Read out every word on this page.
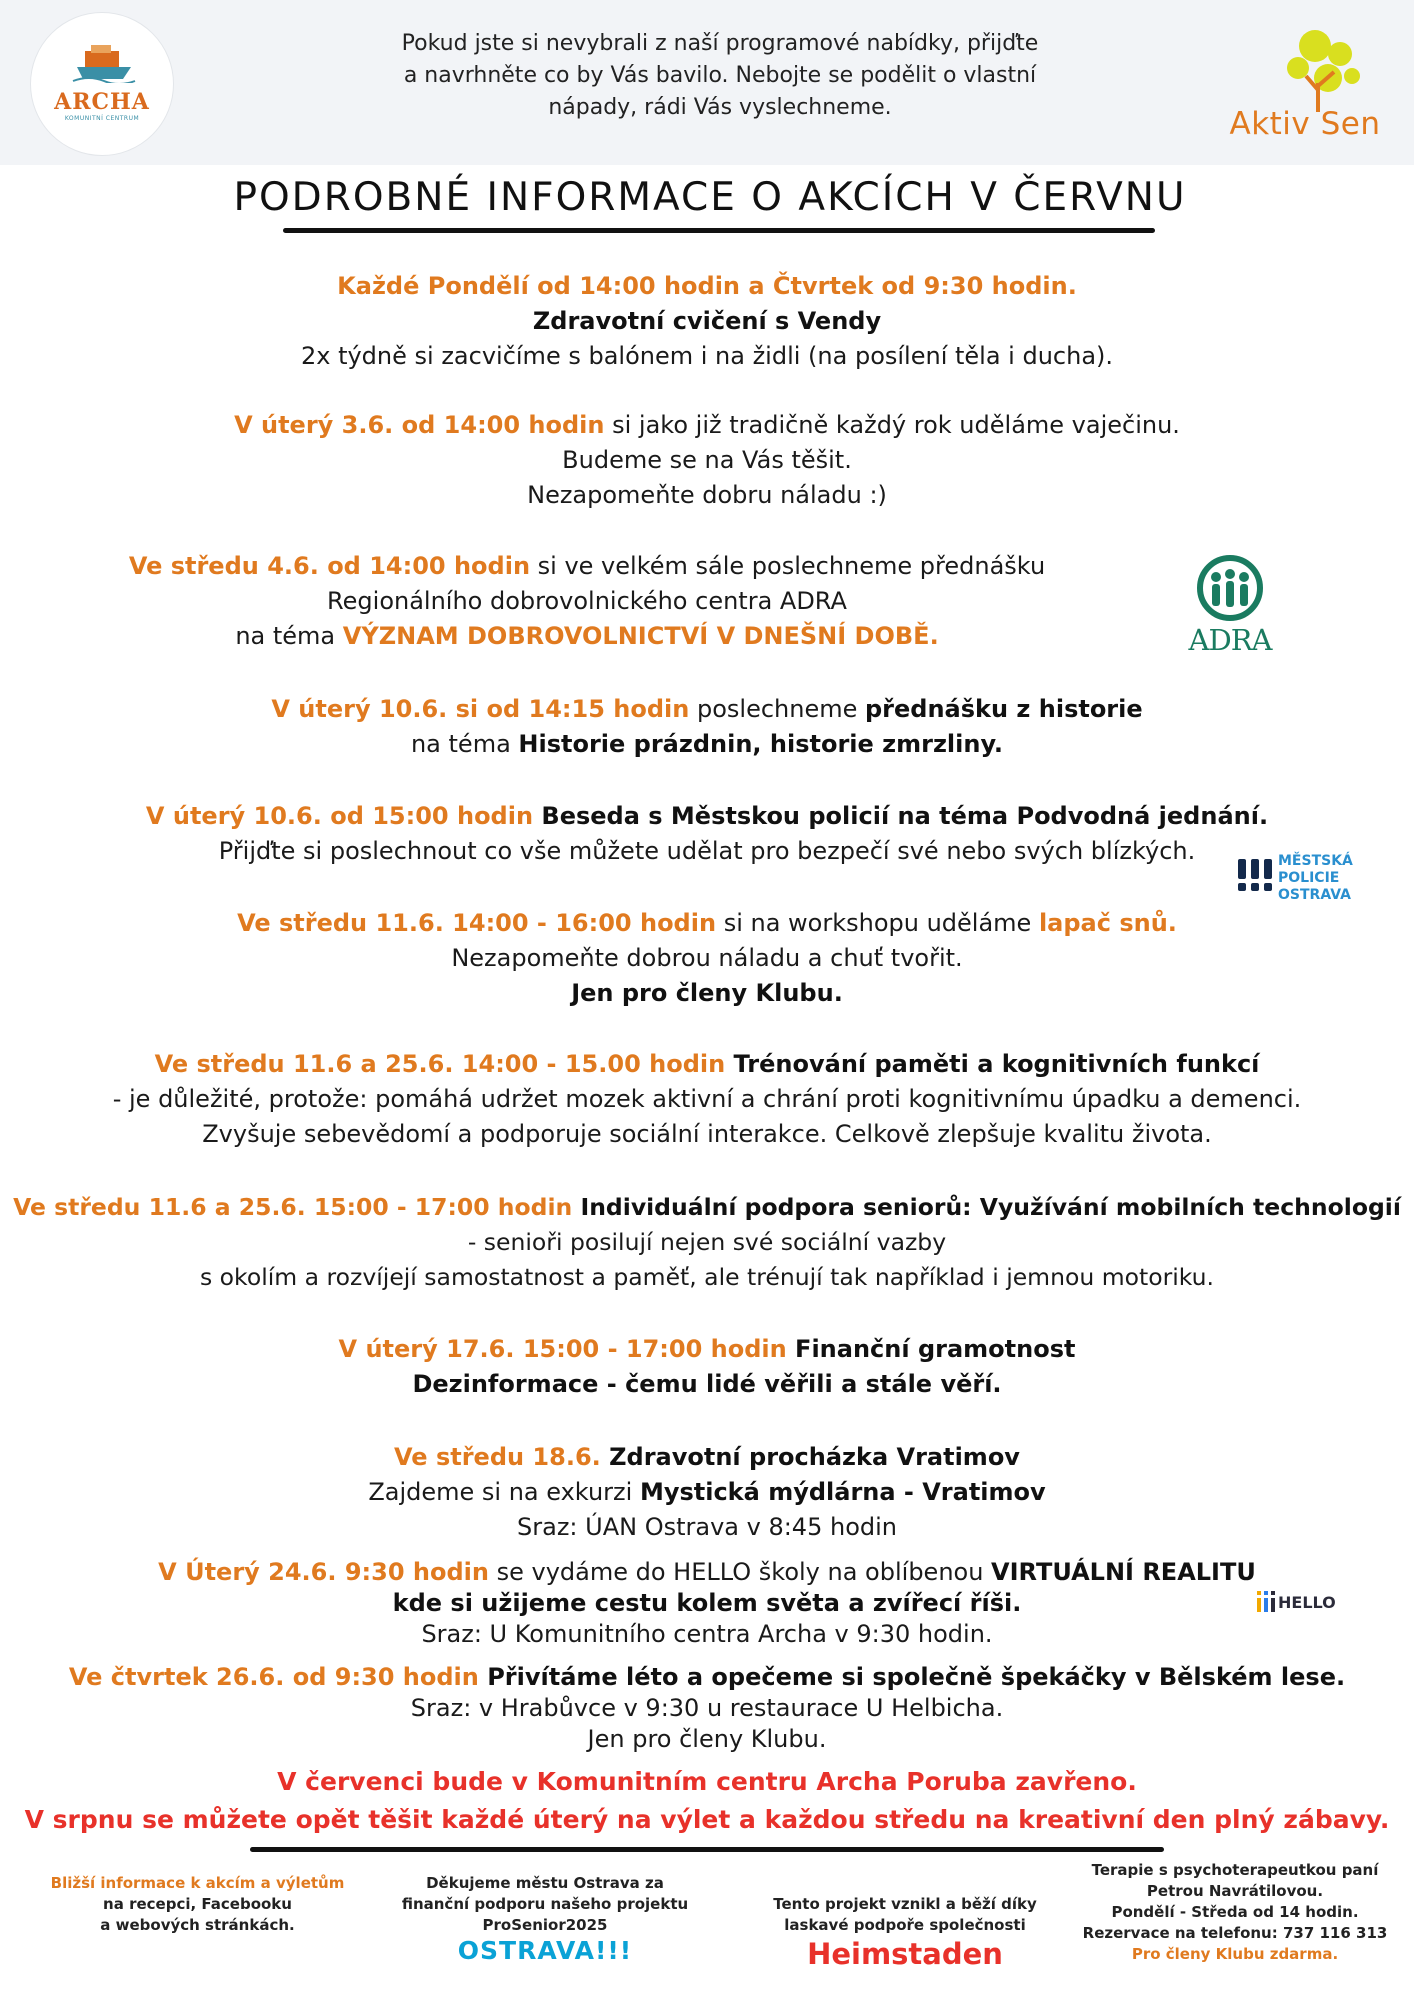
ARCHA
KOMUNITNÍ CENTRUM
Pokud jste si nevybrali z naší programové nabídky, přijďte
a navrhněte co by Vás bavilo. Nebojte se podělit o vlastní
nápady, rádi Vás vyslechneme.	Aktiv Sen
PODROBNÉ INFORMACE O AKCÍCH V ČERVNU
Každé Pondělí od 14:00 hodin a Čtvrtek od 9:30 hodin.
Zdravotní cvičení s Vendy
2x týdně si zacvičíme s balónem i na židli (na posílení těla i ducha).
V úterý 3.6. od 14:00 hodin si jako již tradičně každý rok uděláme vaječinu.
Budeme se na Vás těšit.
Nezapomeňte dobru náladu :)
Ve středu 4.6. od 14:00 hodin si ve velkém sále poslechneme přednášku
Regionálního dobrovolnického centra ADRA
na téma VÝZNAM DOBROVOLNICTVÍ V DNEŠNÍ DOBĚ.	ADRA
V úterý 10.6. si od 14:15 hodin poslechneme přednášku z historie
na téma Historie prázdnin, historie zmrzliny.
V úterý 10.6. od 15:00 hodin Beseda s Městskou policií na téma Podvodná jednání.
Přijďte si poslechnout co vše můžete udělat pro bezpečí své nebo svých blízkých.	MĚSTSKÁ
POLICIE
OSTRAVA
Ve středu 11.6. 14:00 - 16:00 hodin si na workshopu uděláme lapač snů.
Nezapomeňte dobrou náladu a chuť tvořit.
Jen pro členy Klubu.
Ve středu 11.6 a 25.6. 14:00 - 15.00 hodin Trénování paměti a kognitivních funkcí
- je důležité, protože: pomáhá udržet mozek aktivní a chrání proti kognitivnímu úpadku a demenci.
Zvyšuje sebevědomí a podporuje sociální interakce. Celkově zlepšuje kvalitu života.
Ve středu 11.6 a 25.6. 15:00 - 17:00 hodin Individuální podpora seniorů: Využívání mobilních technologií
- senioři posilují nejen své sociální vazby
s okolím a rozvíjejí samostatnost a paměť, ale trénují tak například i jemnou motoriku.
V úterý 17.6. 15:00 - 17:00 hodin Finanční gramotnost
Dezinformace - čemu lidé věřili a stále věří.
Ve středu 18.6. Zdravotní procházka Vratimov
Zajdeme si na exkurzi Mystická mýdlárna - Vratimov
Sraz: ÚAN Ostrava v 8:45 hodin
V Úterý 24.6. 9:30 hodin se vydáme do HELLO školy na oblíbenou VIRTUÁLNÍ REALITU
kde si užijeme cestu kolem světa a zvířecí říši.
Sraz: U Komunitního centra Archa v 9:30 hodin.
HELLO
Ve čtvrtek 26.6. od 9:30 hodin Přivítáme léto a opečeme si společně špekáčky v Bělském lese.
Sraz: v Hrabůvce v 9:30 u restaurace U Helbicha.
Jen pro členy Klubu.
V červenci bude v Komunitním centru Archa Poruba zavřeno.
V srpnu se můžete opět těšit každé úterý na výlet a každou středu na kreativní den plný zábavy.
Bližší informace k akcím a výletům
na recepci, Facebooku
a webových stránkách.
Děkujeme městu Ostrava za
finanční podporu našeho projektu
ProSenior2025
OSTRAVA!!!
Tento projekt vznikl a běží díky
laskavé podpoře společnosti
Heimstaden
Terapie s psychoterapeutkou paní
Petrou Navrátilovou.
Pondělí - Středa od 14 hodin.
Rezervace na telefonu: 737 116 313
Pro členy Klubu zdarma.
